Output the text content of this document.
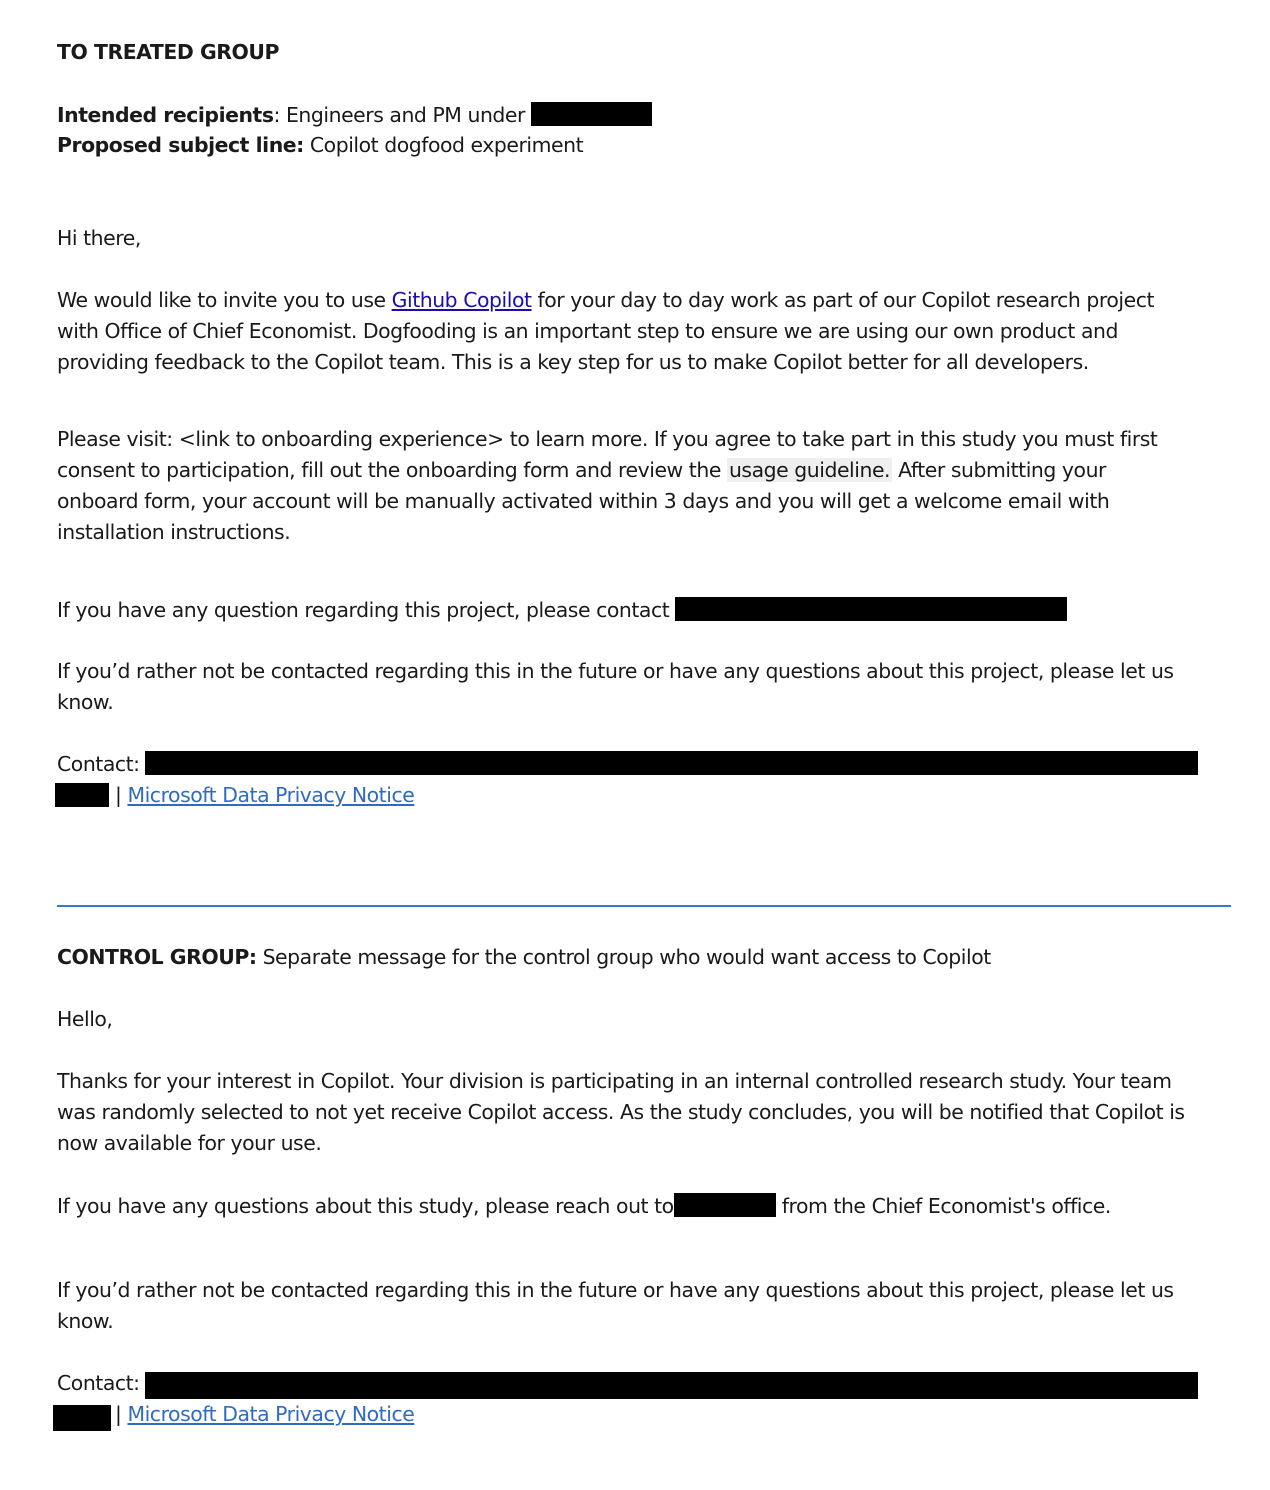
TO TREATED GROUP
Intended recipients: Engineers and PM under
Proposed subject line: Copilot dogfood experiment
Hi there,
We would like to invite you to use Github Copilot for your day to day work as part of our Copilot research project
with Office of Chief Economist. Dogfooding is an important step to ensure we are using our own product and
providing feedback to the Copilot team. This is a key step for us to make Copilot better for all developers.
Please visit: <link to onboarding experience> to learn more. If you agree to take part in this study you must first
consent to participation, fill out the onboarding form and review the usage guideline. After submitting your
onboard form, your account will be manually activated within 3 days and you will get a welcome email with
installation instructions.
If you have any question regarding this project, please contact
If you’d rather not be contacted regarding this in the future or have any questions about this project, please let us
know.
Contact:
| Microsoft Data Privacy Notice
CONTROL GROUP: Separate message for the control group who would want access to Copilot
Hello,
Thanks for your interest in Copilot. Your division is participating in an internal controlled research study. Your team
was randomly selected to not yet receive Copilot access. As the study concludes, you will be notified that Copilot is
now available for your use.
If you have any questions about this study, please reach out to	from the Chief Economist's office.
If you’d rather not be contacted regarding this in the future or have any questions about this project, please let us
know.
Contact:
| Microsoft Data Privacy Notice
